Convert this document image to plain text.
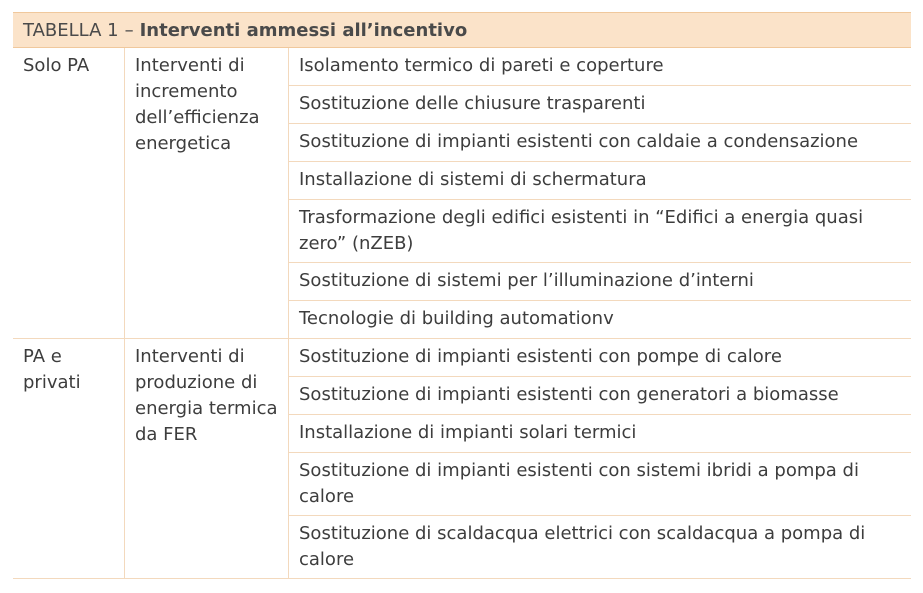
TABELLA 1 – Interventi ammessi all’incentivo
Solo PA	Interventi di incremento dell’efficienza energetica	Isolamento termico di pareti e coperture
		Sostituzione delle chiusure trasparenti
		Sostituzione di impianti esistenti con caldaie a condensazione
		Installazione di sistemi di schermatura
		Trasformazione degli edifici esistenti in “Edifici a energia quasi zero” (nZEB)
		Sostituzione di sistemi per l’illuminazione d’interni
		Tecnologie di building automationv
PA e privati	Interventi di produzione di energia termica da FER	Sostituzione di impianti esistenti con pompe di calore
		Sostituzione di impianti esistenti con generatori a biomasse
		Installazione di impianti solari termici
		Sostituzione di impianti esistenti con sistemi ibridi a pompa di calore
		Sostituzione di scaldacqua elettrici con scaldacqua a pompa di calore
